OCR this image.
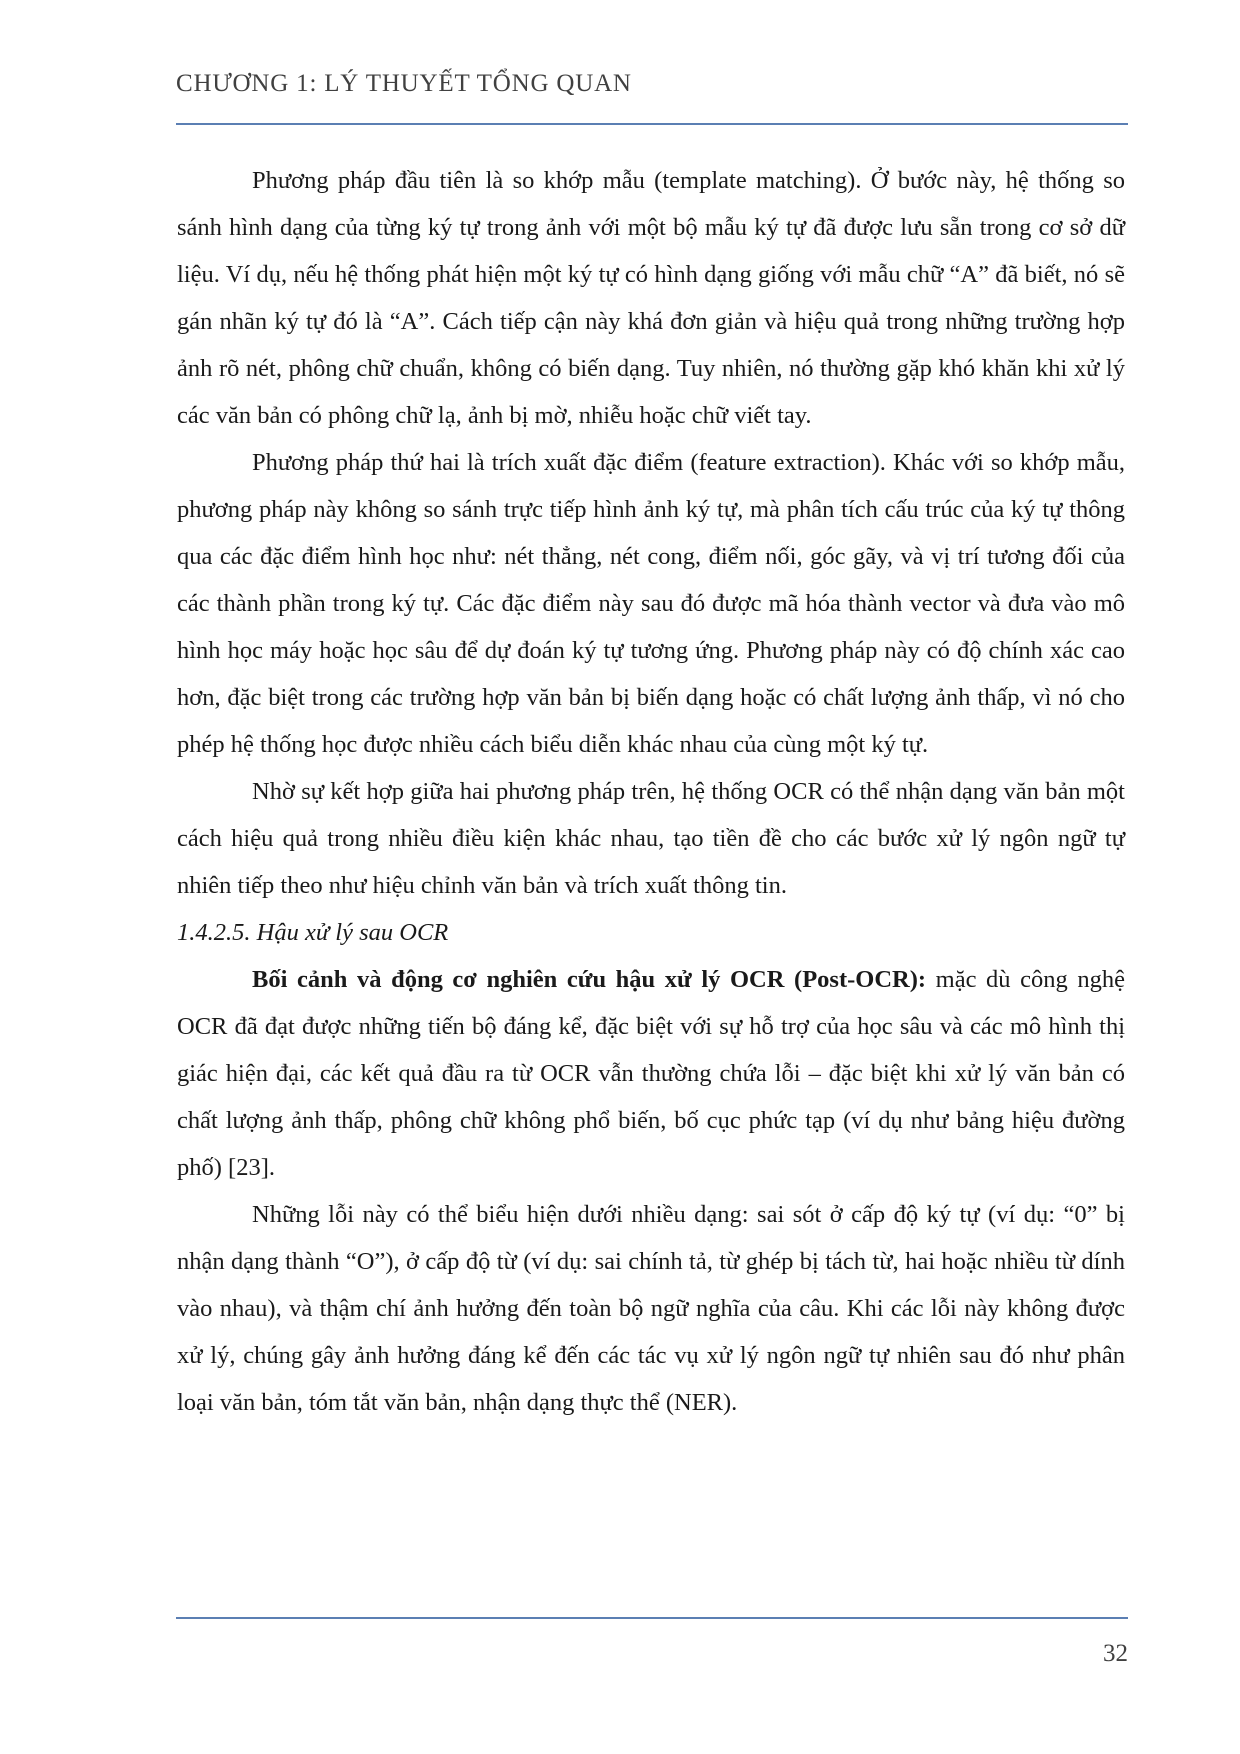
CHƯƠNG 1: LÝ THUYẾT TỔNG QUAN

Phương pháp đầu tiên là so khớp mẫu (template matching). Ở bước này, hệ thống so sánh hình dạng của từng ký tự trong ảnh với một bộ mẫu ký tự đã được lưu sẵn trong cơ sở dữ liệu. Ví dụ, nếu hệ thống phát hiện một ký tự có hình dạng giống với mẫu chữ “A” đã biết, nó sẽ gán nhãn ký tự đó là “A”. Cách tiếp cận này khá đơn giản và hiệu quả trong những trường hợp ảnh rõ nét, phông chữ chuẩn, không có biến dạng. Tuy nhiên, nó thường gặp khó khăn khi xử lý các văn bản có phông chữ lạ, ảnh bị mờ, nhiễu hoặc chữ viết tay.

Phương pháp thứ hai là trích xuất đặc điểm (feature extraction). Khác với so khớp mẫu, phương pháp này không so sánh trực tiếp hình ảnh ký tự, mà phân tích cấu trúc của ký tự thông qua các đặc điểm hình học như: nét thẳng, nét cong, điểm nối, góc gãy, và vị trí tương đối của các thành phần trong ký tự. Các đặc điểm này sau đó được mã hóa thành vector và đưa vào mô hình học máy hoặc học sâu để dự đoán ký tự tương ứng. Phương pháp này có độ chính xác cao hơn, đặc biệt trong các trường hợp văn bản bị biến dạng hoặc có chất lượng ảnh thấp, vì nó cho phép hệ thống học được nhiều cách biểu diễn khác nhau của cùng một ký tự.

Nhờ sự kết hợp giữa hai phương pháp trên, hệ thống OCR có thể nhận dạng văn bản một cách hiệu quả trong nhiều điều kiện khác nhau, tạo tiền đề cho các bước xử lý ngôn ngữ tự nhiên tiếp theo như hiệu chỉnh văn bản và trích xuất thông tin.

1.4.2.5. Hậu xử lý sau OCR

Bối cảnh và động cơ nghiên cứu hậu xử lý OCR (Post-OCR): mặc dù công nghệ OCR đã đạt được những tiến bộ đáng kể, đặc biệt với sự hỗ trợ của học sâu và các mô hình thị giác hiện đại, các kết quả đầu ra từ OCR vẫn thường chứa lỗi – đặc biệt khi xử lý văn bản có chất lượng ảnh thấp, phông chữ không phổ biến, bố cục phức tạp (ví dụ như bảng hiệu đường phố) [23].

Những lỗi này có thể biểu hiện dưới nhiều dạng: sai sót ở cấp độ ký tự (ví dụ: “0” bị nhận dạng thành “O”), ở cấp độ từ (ví dụ: sai chính tả, từ ghép bị tách từ, hai hoặc nhiều từ dính vào nhau), và thậm chí ảnh hưởng đến toàn bộ ngữ nghĩa của câu. Khi các lỗi này không được xử lý, chúng gây ảnh hưởng đáng kể đến các tác vụ xử lý ngôn ngữ tự nhiên sau đó như phân loại văn bản, tóm tắt văn bản, nhận dạng thực thể (NER).

32
